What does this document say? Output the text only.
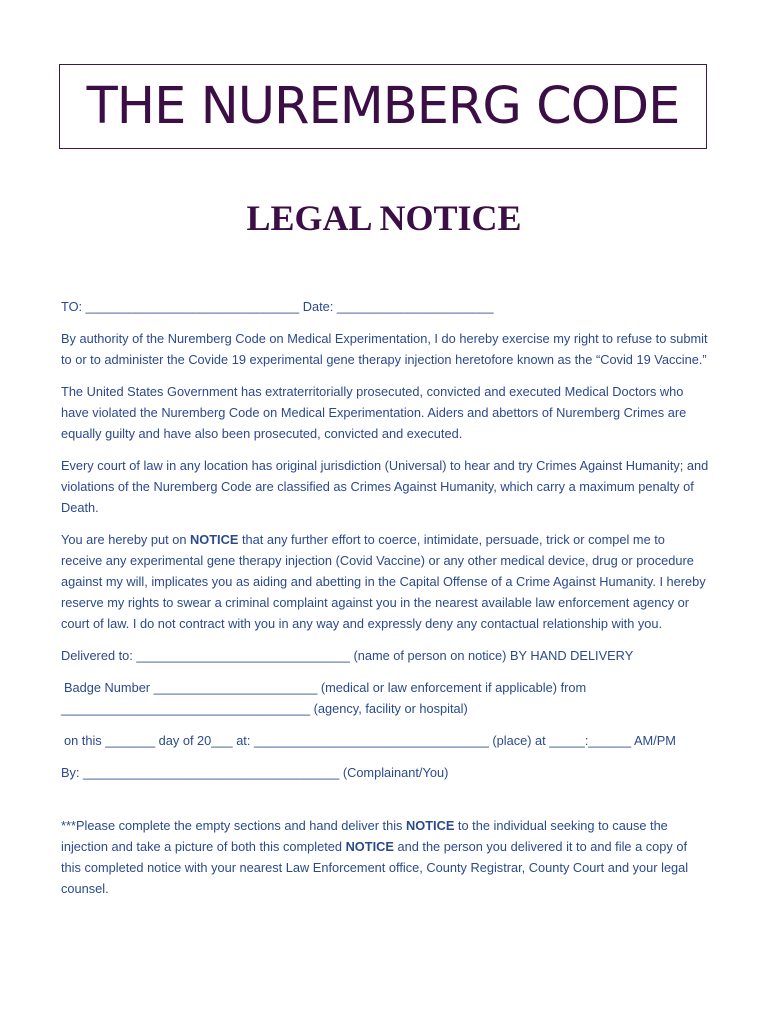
THE NUREMBERG CODE
LEGAL NOTICE

TO: ______________________________ Date: ______________________

By authority of the Nuremberg Code on Medical Experimentation, I do hereby exercise my right to refuse to submit to or to administer the Covide 19 experimental gene therapy injection heretofore known as the “Covid 19 Vaccine.”

The United States Government has extraterritorially prosecuted, convicted and executed Medical Doctors who have violated the Nuremberg Code on Medical Experimentation. Aiders and abettors of Nuremberg Crimes are equally guilty and have also been prosecuted, convicted and executed.

Every court of law in any location has original jurisdiction (Universal) to hear and try Crimes Against Humanity; and violations of the Nuremberg Code are classified as Crimes Against Humanity, which carry a maximum penalty of Death.

You are hereby put on NOTICE that any further effort to coerce, intimidate, persuade, trick or compel me to receive any experimental gene therapy injection (Covid Vaccine) or any other medical device, drug or procedure against my will, implicates you as aiding and abetting in the Capital Offense of a Crime Against Humanity. I hereby reserve my rights to swear a criminal complaint against you in the nearest available law enforcement agency or court of law. I do not contract with you in any way and expressly deny any contactual relationship with you.

Delivered to: ______________________________ (name of person on notice) BY HAND DELIVERY

Badge Number _______________________ (medical or law enforcement if applicable) from

___________________________________ (agency, facility or hospital)

on this _______ day of 20___ at: _________________________________ (place) at _____:______ AM/PM

By: ____________________________________ (Complainant/You)

***Please complete the empty sections and hand deliver this NOTICE to the individual seeking to cause the injection and take a picture of both this completed NOTICE and the person you delivered it to and file a copy of this completed notice with your nearest Law Enforcement office, County Registrar, County Court and your legal counsel.
